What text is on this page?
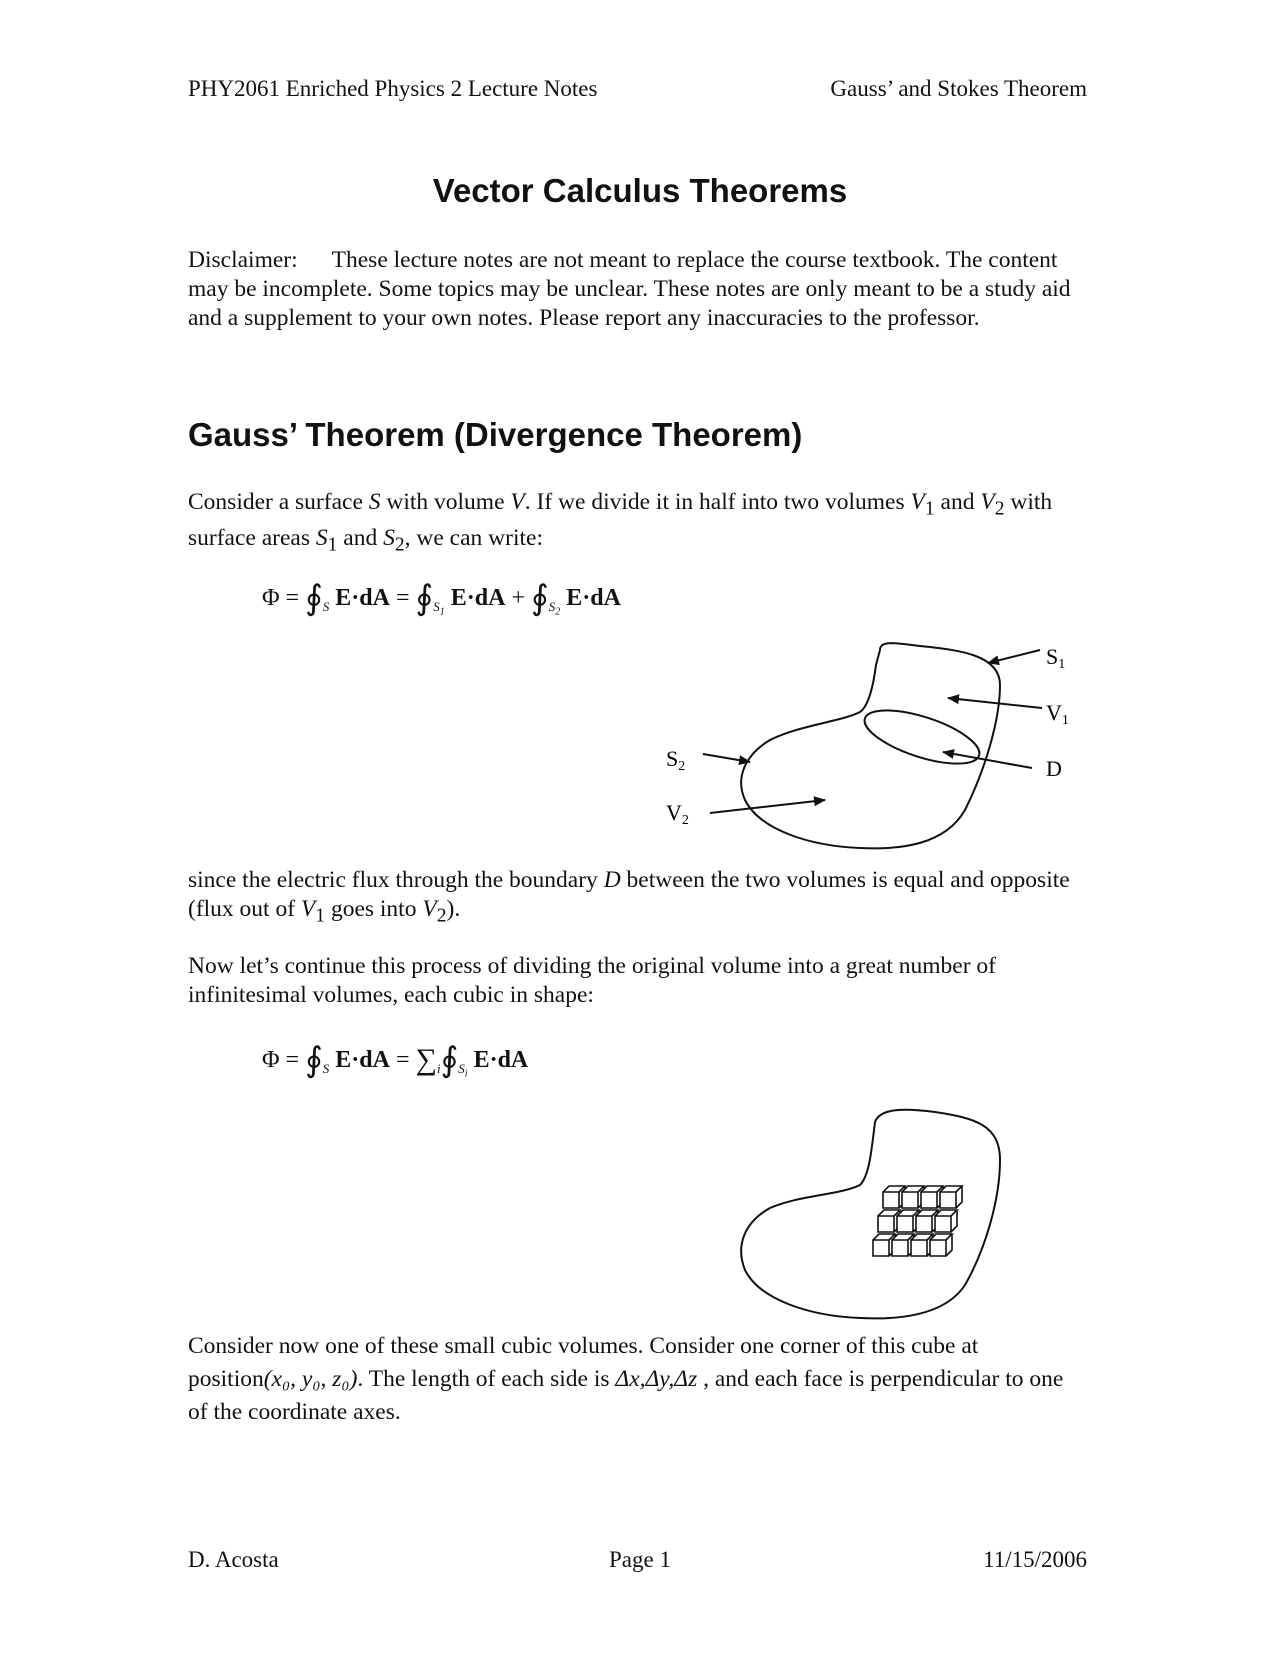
PHY2061 Enriched Physics 2 Lecture Notes	Gauss’ and Stokes Theorem
Vector Calculus Theorems

Disclaimer: These lecture notes are not meant to replace the course textbook. The content may be incomplete. Some topics may be unclear. These notes are only meant to be a study aid and a supplement to your own notes. Please report any inaccuracies to the professor.

Gauss’ Theorem (Divergence Theorem)

Consider a surface S with volume V. If we divide it in half into two volumes $V_1$ and $V_2$ with surface areas $S_1$ and $S_2$, we can write:

$\Phi = ∮_S$ $E\cdot dA = ∮_{S_1}$ $E\cdot dA + ∮_{S_2}$ E·dA
S1
V1
D
S2
V2

since the electric flux through the boundary D between the two volumes is equal and opposite (flux out of $V_1$ goes into $V_2$).

Now let’s continue this process of dividing the original volume into a great number of infinitesimal volumes, each cubic in shape:

$\Phi = ∮_S$ $E\cdot dA = \sum_i∮_{S_i}$ E·dA

Consider now one of these small cubic volumes. Consider one corner of this cube at position(x₀, y₀, z₀). The length of each side is Δx,Δy,Δz , and each face is perpendicular to one of the coordinate axes.

D. Acosta	Page 1	11/15/2006
